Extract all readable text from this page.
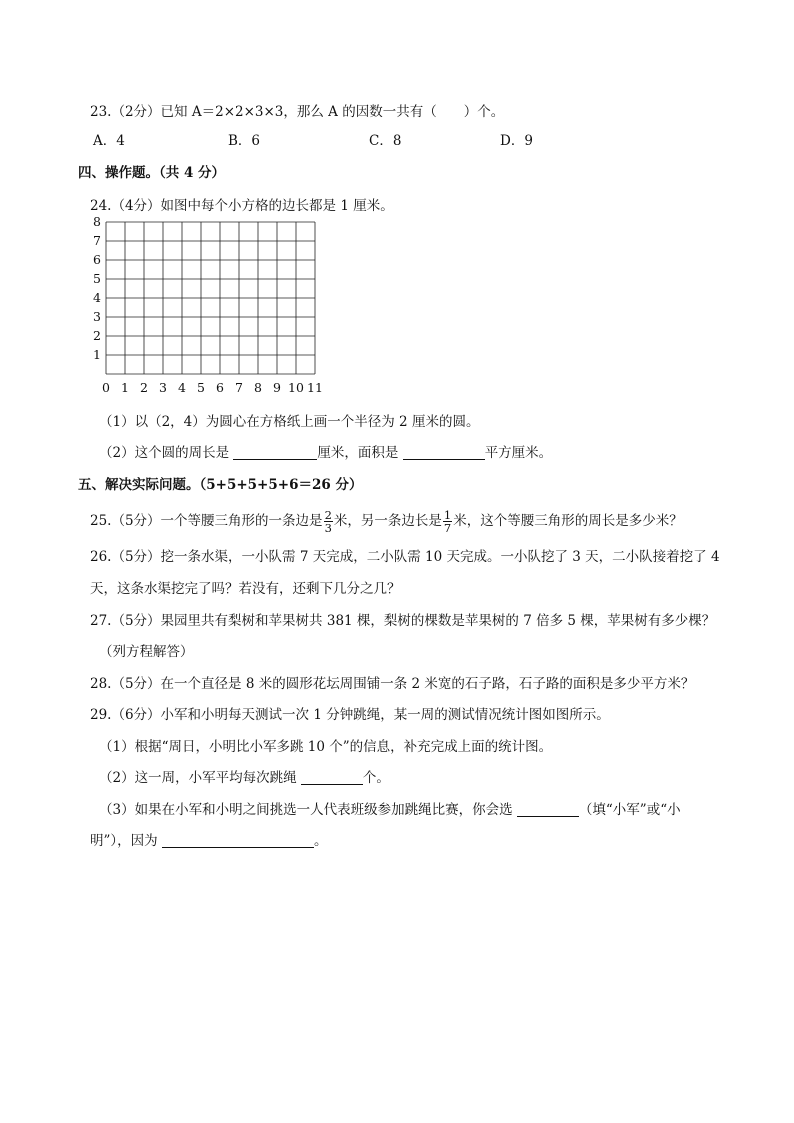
23.（2分）已知 A＝2×2×3×3，那么 A 的因数一共有（　　）个。
A．4	B．6	C．8	D．9
四、操作题。（共 4 分）
24.（4分）如图中每个小方格的边长都是 1 厘米。
0 1 2 3 4 5 6 7 8 9 10 11
1
2
3
4
5
6
7
8
（1）以（2，4）为圆心在方格纸上画一个半径为 2 厘米的圆。
（2）这个圆的周长是	厘米，面积是	平方厘米。
五、解决实际问题。（5+5+5+5+6＝26 分）
25.（5分）一个等腰三角形的一条边是 $\frac{2}{3}$ 米，另一条边长是 $\frac{1}{7}$ 米，这个等腰三角形的周长是多少米？
26.（5分）挖一条水渠，一小队需 7 天完成，二小队需 10 天完成。一小队挖了 3 天，二小队接着挖了 4
天，这条水渠挖完了吗？若没有，还剩下几分之几？
27.（5分）果园里共有梨树和苹果树共 381 棵，梨树的棵数是苹果树的 7 倍多 5 棵，苹果树有多少棵？
（列方程解答）
28.（5分）在一个直径是 8 米的圆形花坛周围铺一条 2 米宽的石子路，石子路的面积是多少平方米？
29.（6分）小军和小明每天测试一次 1 分钟跳绳，某一周的测试情况统计图如图所示。
（1）根据“周日，小明比小军多跳 10 个”的信息，补充完成上面的统计图。
（2）这一周，小军平均每次跳绳	个。
（3）如果在小军和小明之间挑选一人代表班级参加跳绳比赛，你会选	（填“小军”或“小
明”），因为	。
